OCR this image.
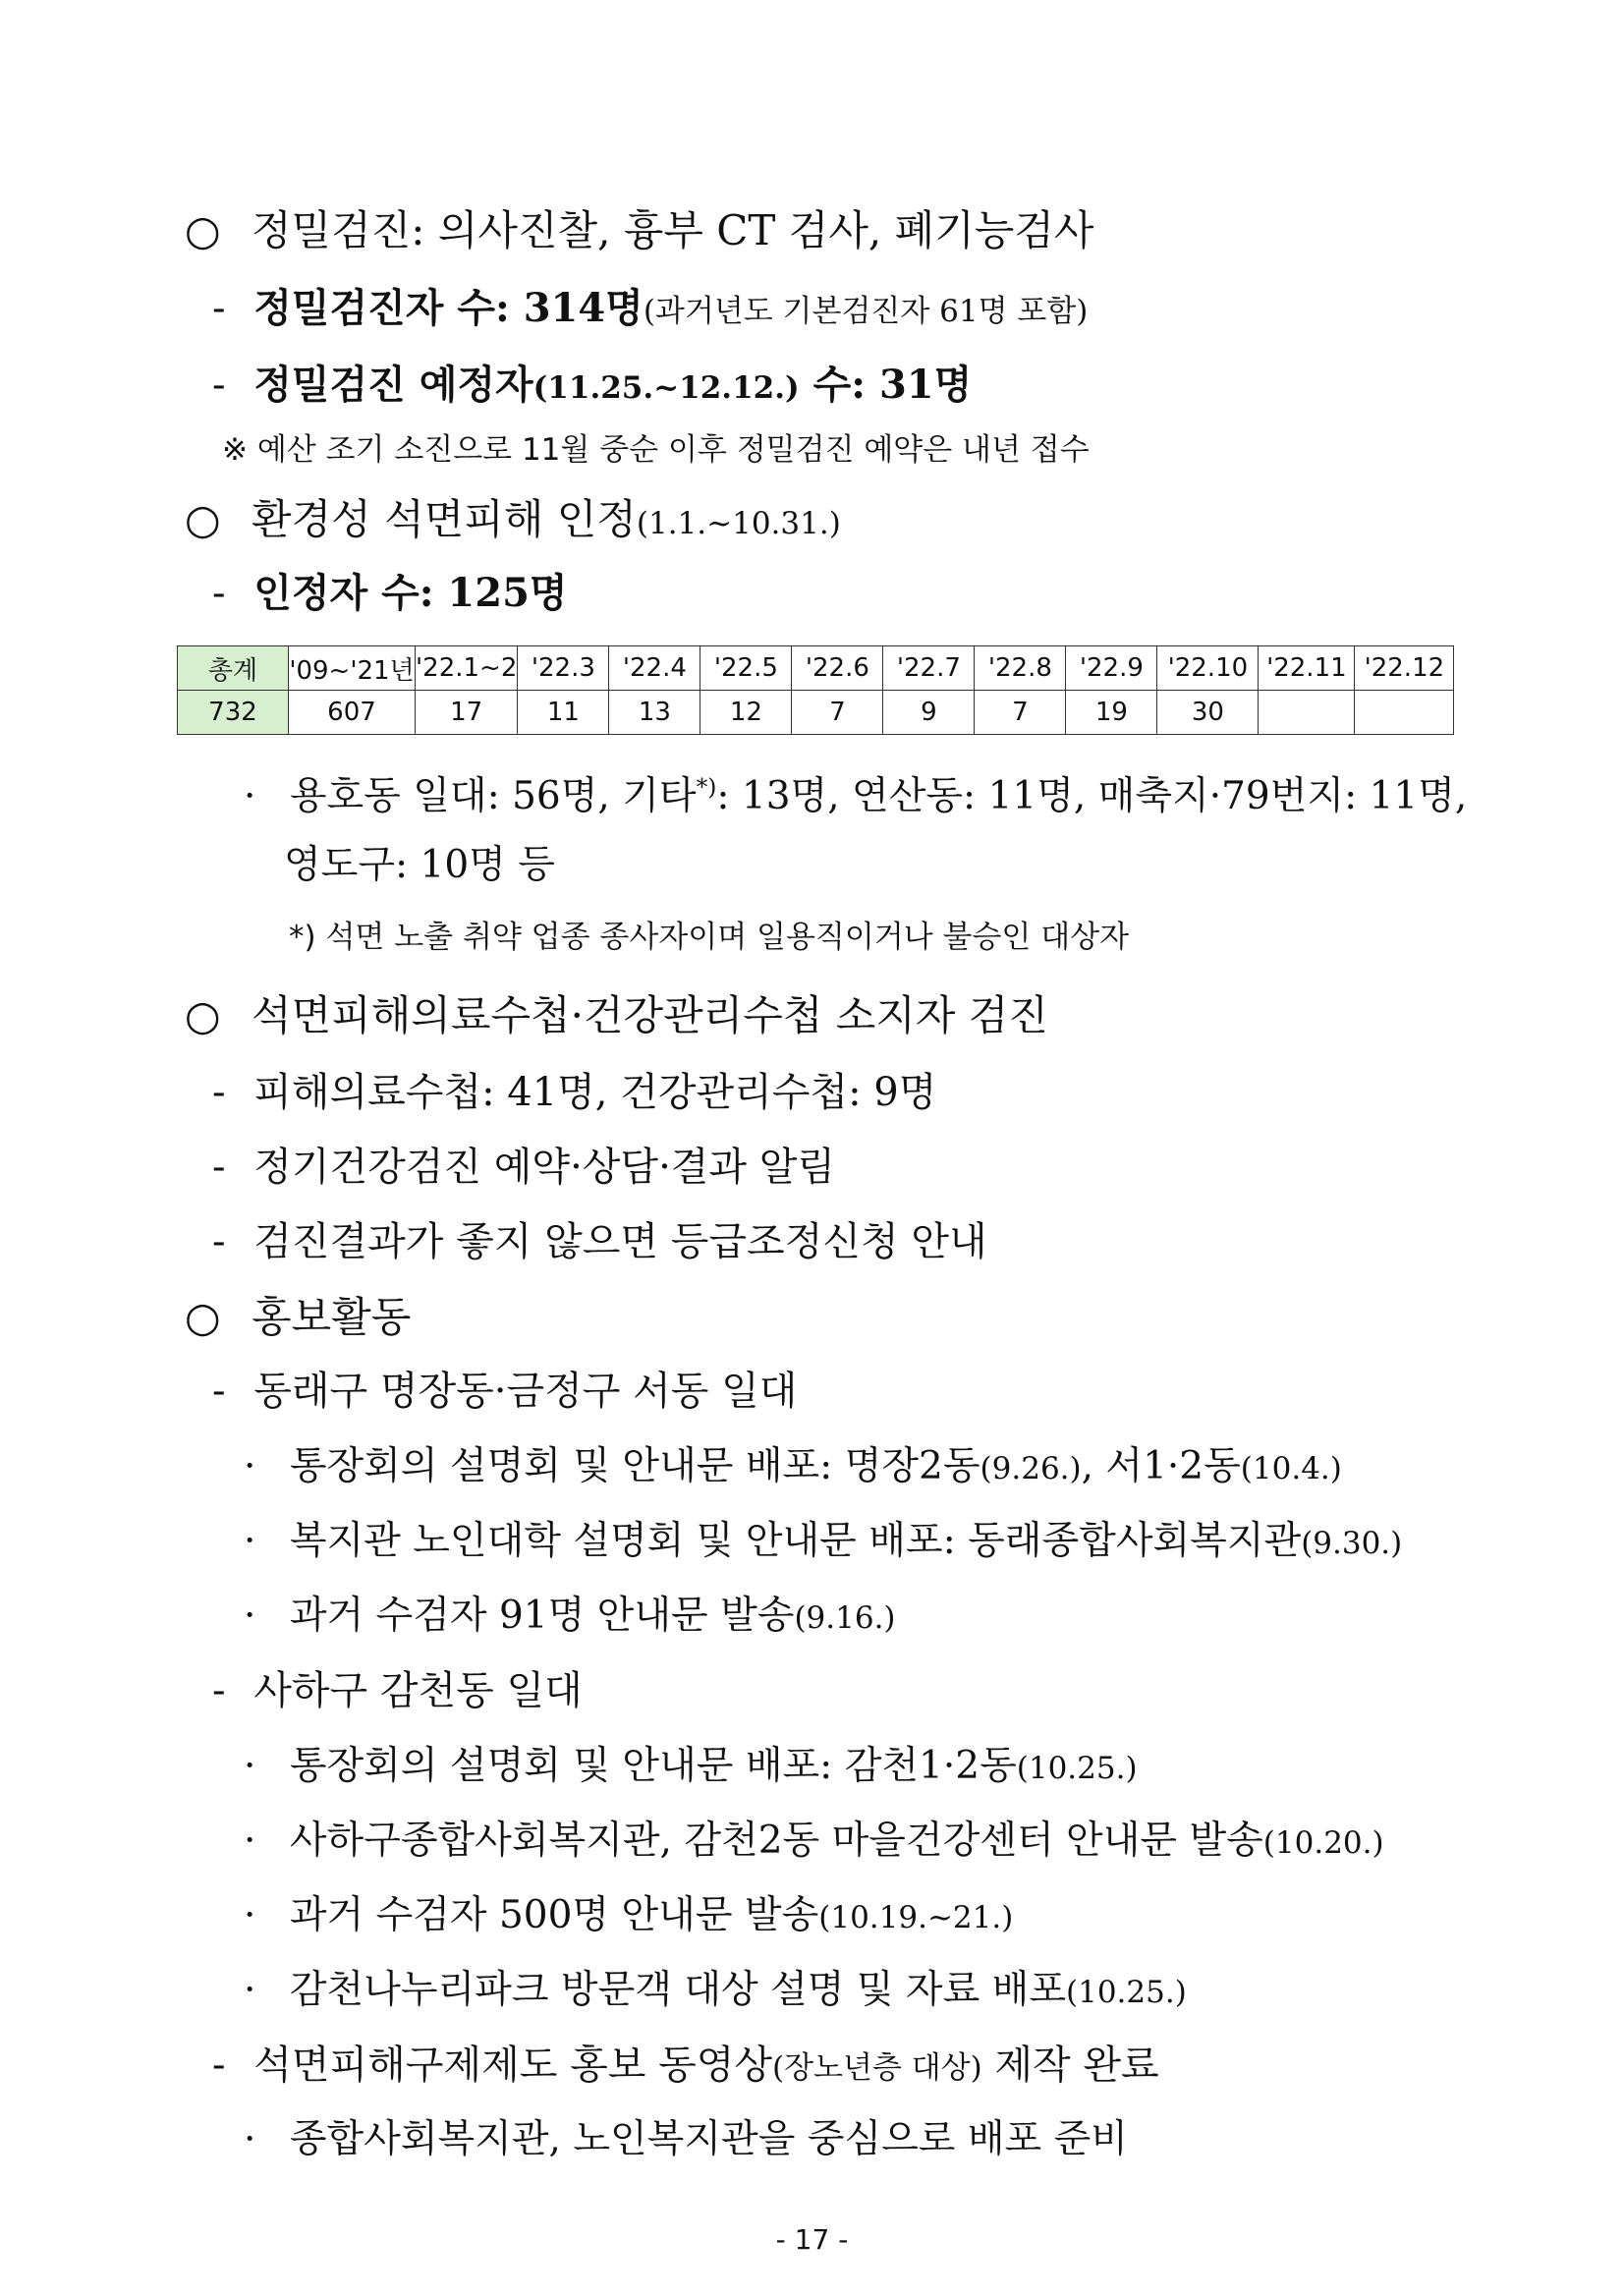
○ 정밀검진: 의사진찰, 흉부 CT 검사, 폐기능검사
- 정밀검진자 수: 314명(과거년도 기본검진자 61명 포함)
- 정밀검진 예정자(11.25.~12.12.) 수: 31명
※ 예산 조기 소진으로 11월 중순 이후 정밀검진 예약은 내년 접수
○ 환경성 석면피해 인정(1.1.~10.31.)
- 인정자 수: 125명
총계	'09~'21년	'22.1~2	'22.3	'22.4	'22.5	'22.6	'22.7	'22.8	'22.9	'22.10	'22.11	'22.12
732	607	17	11	13	12	7	9	7	19	30		
· 용호동 일대: 56명, 기타*): 13명, 연산동: 11명, 매축지·79번지: 11명,
영도구: 10명 등
*) 석면 노출 취약 업종 종사자이며 일용직이거나 불승인 대상자
○ 석면피해의료수첩·건강관리수첩 소지자 검진
- 피해의료수첩: 41명, 건강관리수첩: 9명
- 정기건강검진 예약·상담·결과 알림
- 검진결과가 좋지 않으면 등급조정신청 안내
○ 홍보활동
- 동래구 명장동·금정구 서동 일대
· 통장회의 설명회 및 안내문 배포: 명장2동(9.26.), 서1·2동(10.4.)
· 복지관 노인대학 설명회 및 안내문 배포: 동래종합사회복지관(9.30.)
· 과거 수검자 91명 안내문 발송(9.16.)
- 사하구 감천동 일대
· 통장회의 설명회 및 안내문 배포: 감천1·2동(10.25.)
· 사하구종합사회복지관, 감천2동 마을건강센터 안내문 발송(10.20.)
· 과거 수검자 500명 안내문 발송(10.19.~21.)
· 감천나누리파크 방문객 대상 설명 및 자료 배포(10.25.)
- 석면피해구제제도 홍보 동영상(장노년층 대상) 제작 완료
· 종합사회복지관, 노인복지관을 중심으로 배포 준비
- 17 -
